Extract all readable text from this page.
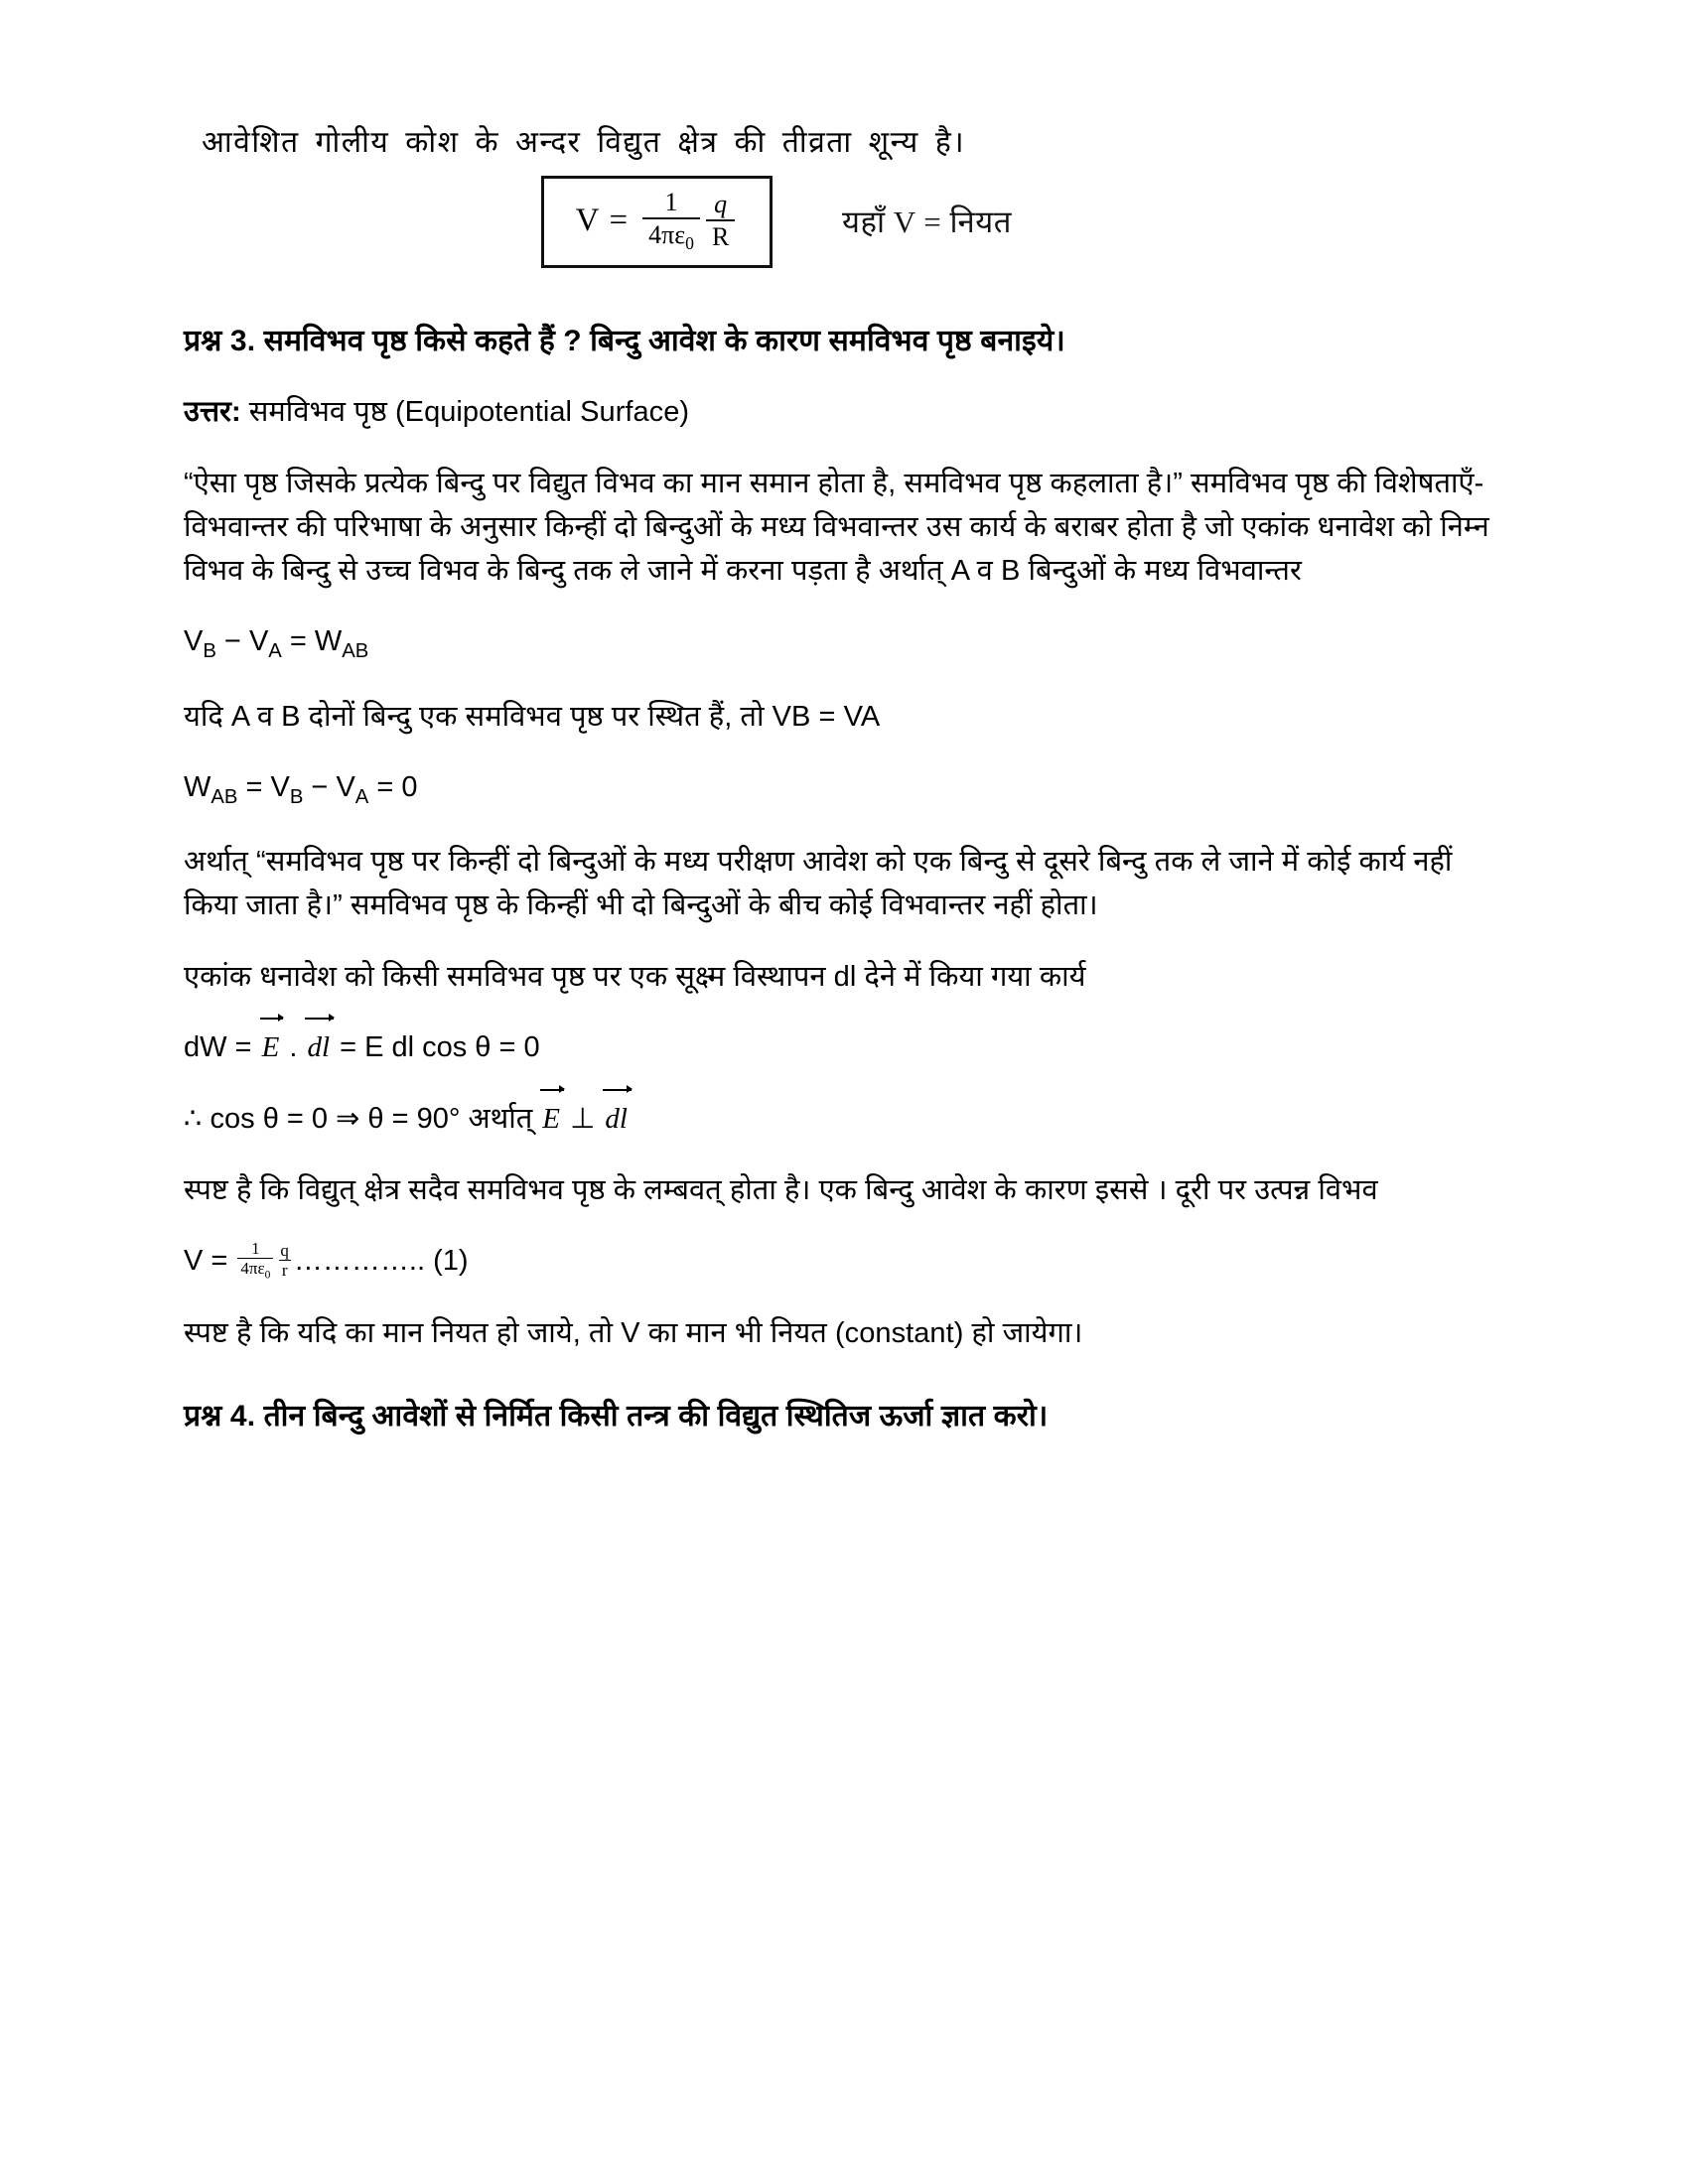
आवेशित गोलीय कोश के अन्दर विद्युत क्षेत्र की तीव्रता शून्य है।

$V = \frac{1}{4\pi\varepsilon_0} \frac{q}{R}$	यहाँ V = नियत

प्रश्न 3. समविभव पृष्ठ किसे कहते हैं ? बिन्दु आवेश के कारण समविभव पृष्ठ बनाइये।

उत्तर: समविभव पृष्ठ (Equipotential Surface)

“ऐसा पृष्ठ जिसके प्रत्येक बिन्दु पर विद्युत विभव का मान समान होता है, समविभव पृष्ठ कहलाता है।” समविभव पृष्ठ की विशेषताएँ- विभवान्तर की परिभाषा के अनुसार किन्हीं दो बिन्दुओं के मध्य विभवान्तर उस कार्य के बराबर होता है जो एकांक धनावेश को निम्न विभव के बिन्दु से उच्च विभव के बिन्दु तक ले जाने में करना पड़ता है अर्थात् A व B बिन्दुओं के मध्य विभवान्तर

$V_B - V_A = W_{AB}$

यदि A व B दोनों बिन्दु एक समविभव पृष्ठ पर स्थित हैं, तो VB = VA

$W_{AB} = V_B - V_A = 0$

अर्थात् “समविभव पृष्ठ पर किन्हीं दो बिन्दुओं के मध्य परीक्षण आवेश को एक बिन्दु से दूसरे बिन्दु तक ले जाने में कोई कार्य नहीं किया जाता है।” समविभव पृष्ठ के किन्हीं भी दो बिन्दुओं के बीच कोई विभवान्तर नहीं होता।

एकांक धनावेश को किसी समविभव पृष्ठ पर एक सूक्ष्म विस्थापन dl देने में किया गया कार्य

dW = E . dl = E dl cos θ = 0

∴ cos θ = 0 ⇒ θ = 90° अर्थात् E ⊥ dl

स्पष्ट है कि विद्युत् क्षेत्र सदैव समविभव पृष्ठ के लम्बवत् होता है। एक बिन्दु आवेश के कारण इससे । दूरी पर उत्पन्न विभव

$V = \frac{1}{4\pi\varepsilon_0} \frac{q}{r}$ ………….. (1)

स्पष्ट है कि यदि का मान नियत हो जाये, तो V का मान भी नियत (constant) हो जायेगा।

प्रश्न 4. तीन बिन्दु आवेशों से निर्मित किसी तन्त्र की विद्युत स्थितिज ऊर्जा ज्ञात करो।
